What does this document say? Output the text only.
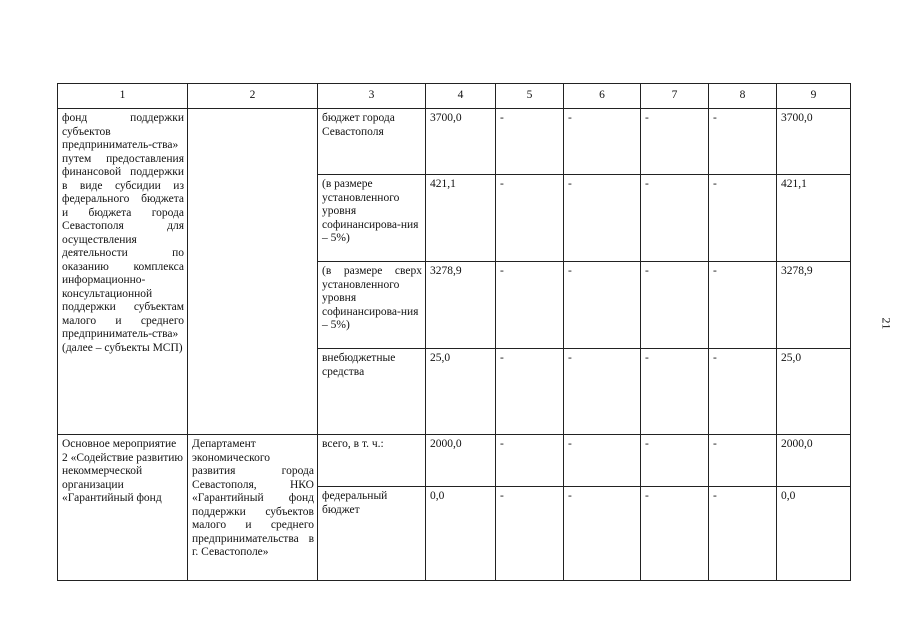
1	2	3	4	5	6	7	8	9
фонд поддержки субъектов предприниматель-ства» путем предоставления финансовой поддержки в виде субсидии из федерального бюджета и бюджета города Севастополя для осуществления деятельности по оказанию комплекса информационно-консультационной поддержки субъектам малого и среднего предприниматель-ства» (далее – субъекты МСП)		бюджет города Севастополя	3700,0	-	-	-	-	3700,0
		(в размере установленного уровня софинансирова-ния – 5%)	421,1	-	-	-	-	421,1
		(в размере сверх установленного уровня софинансирова-ния – 5%)	3278,9	-	-	-	-	3278,9
		внебюджетные средства	25,0	-	-	-	-	25,0
Основное мероприятие 2 «Содействие развитию некоммерческой организации «Гарантийный фонд	Департамент экономического развития города Севастополя, НКО «Гарантийный фонд поддержки субъектов малого и среднего предпринимательства в г. Севастополе»	всего, в т. ч.:	2000,0	-	-	-	-	2000,0
		федеральный бюджет	0,0	-	-	-	-	0,0
21
